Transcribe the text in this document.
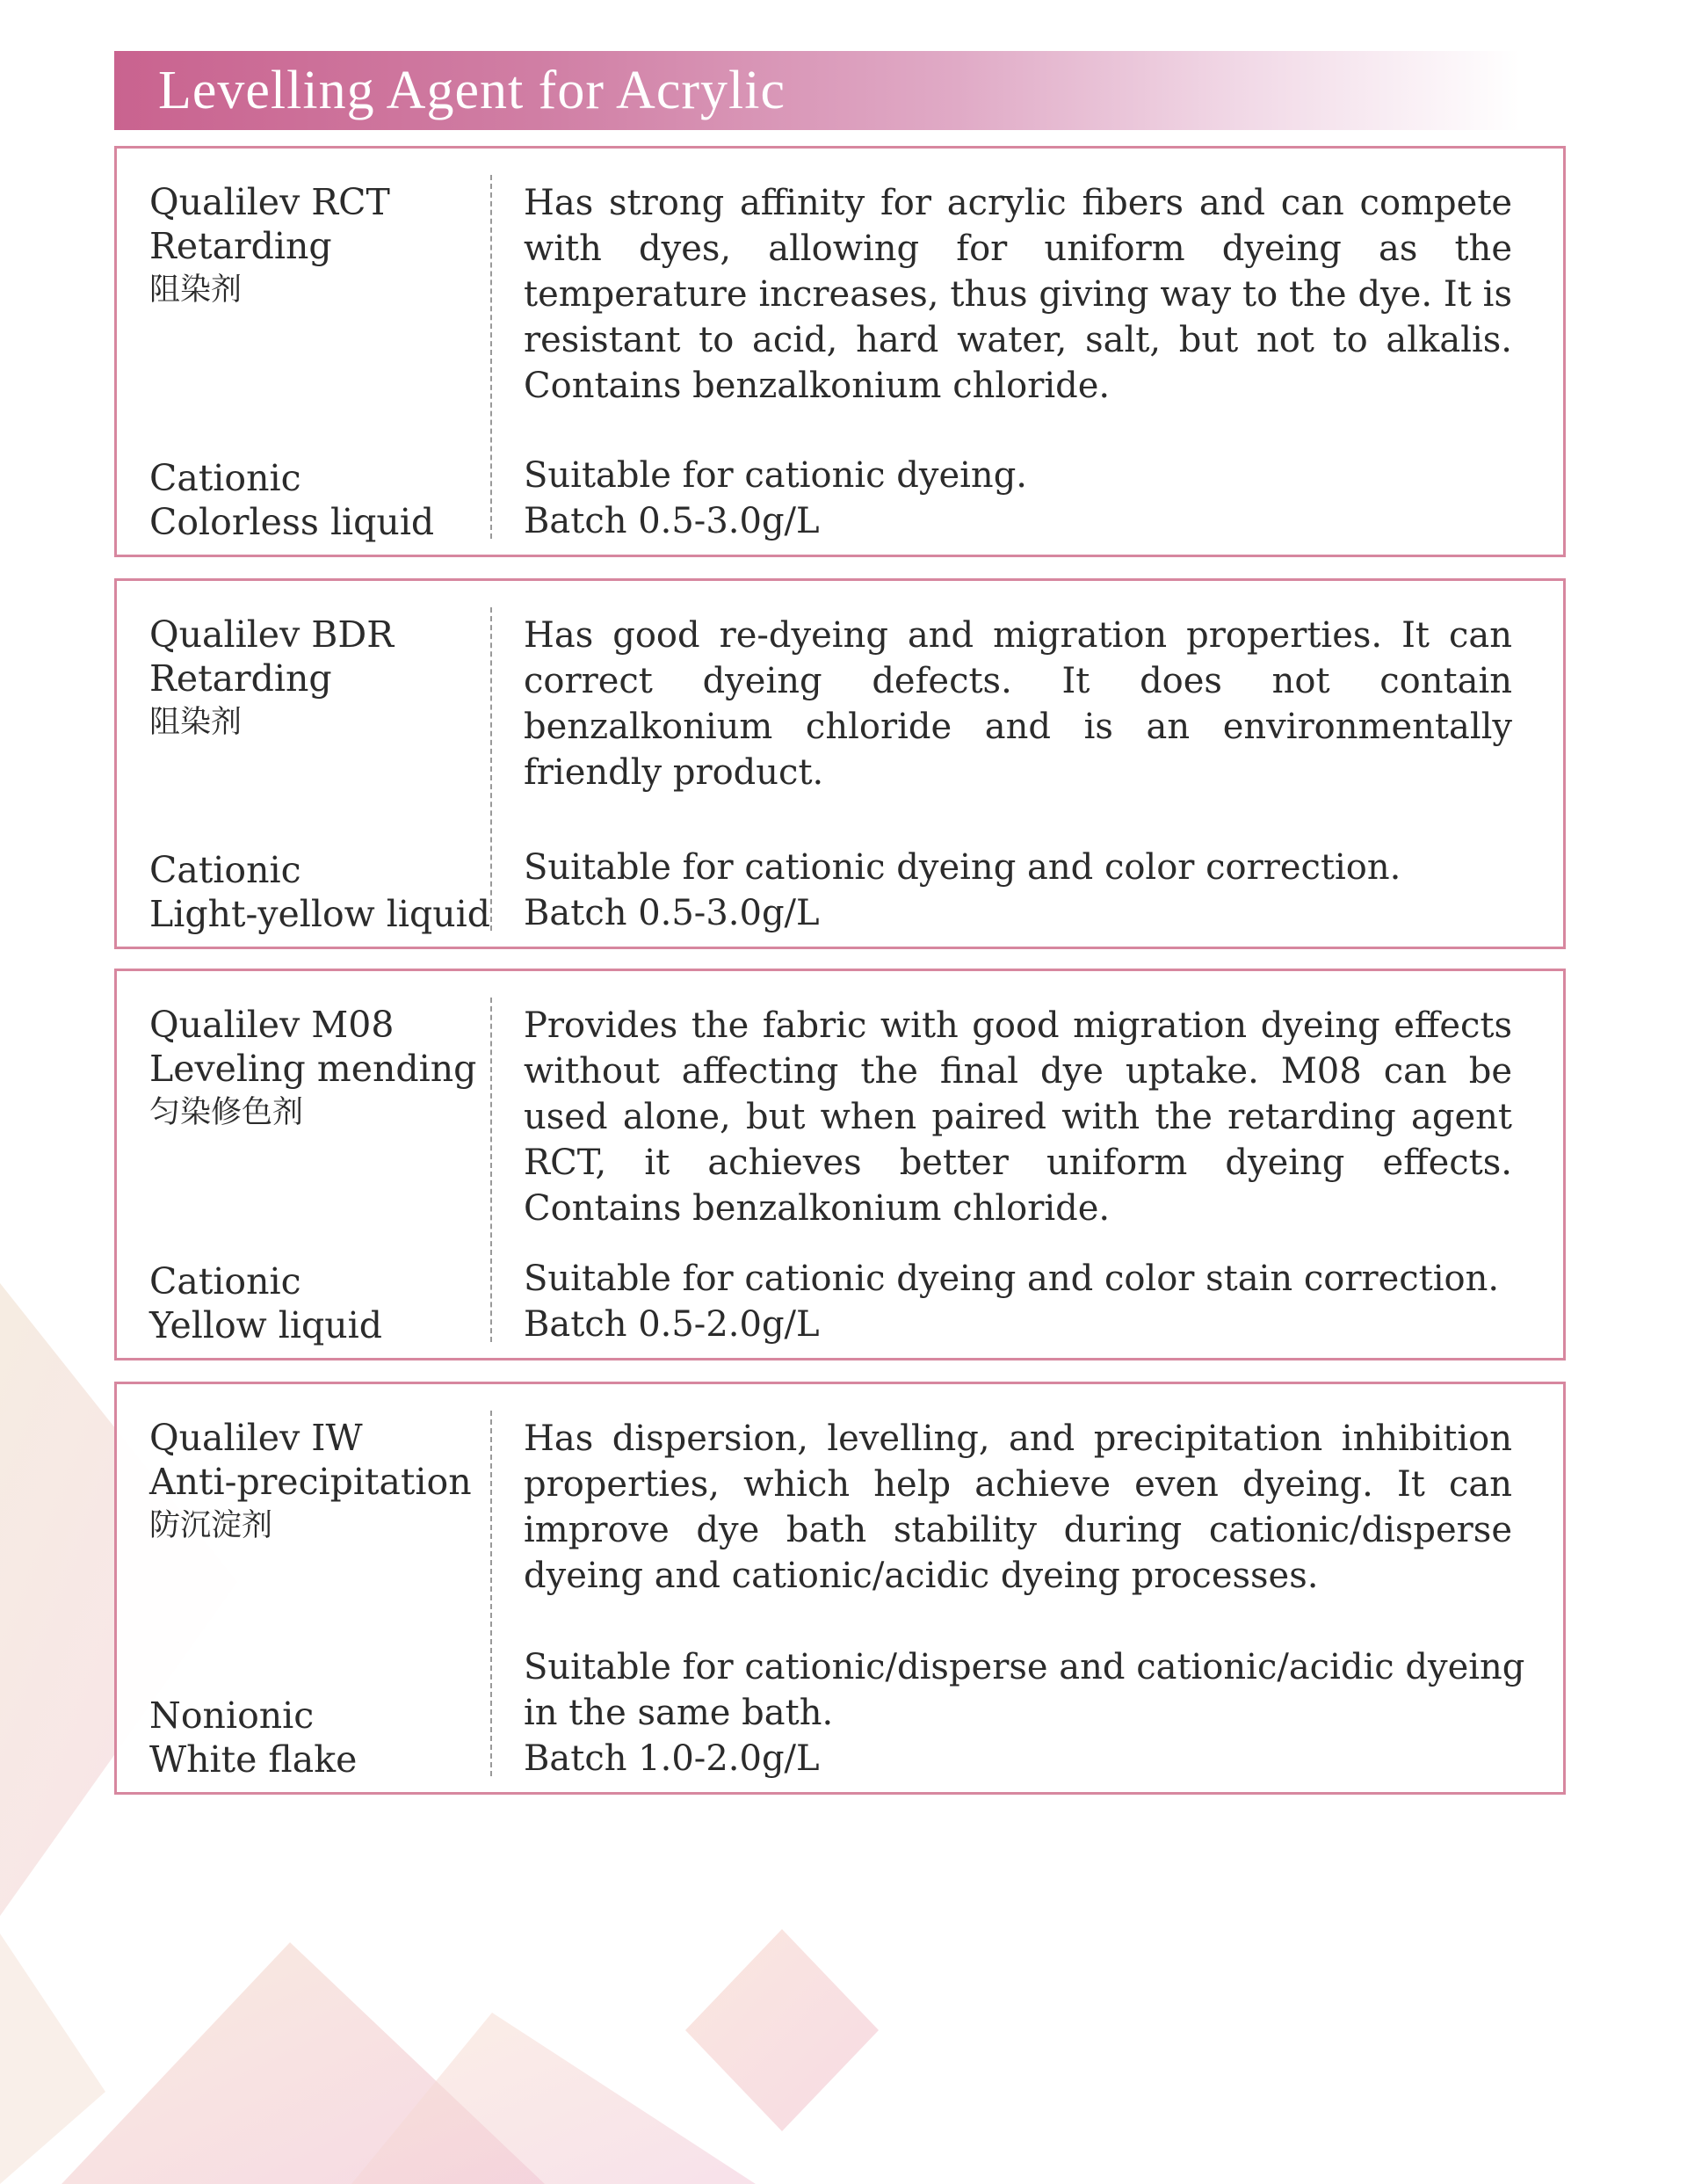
Levelling Agent for Acrylic
Qualilev RCT
Retarding
阻染剂
Cationic
Colorless liquid
Has strong affinity for acrylic fibers and can compete with dyes, allowing for uniform dyeing as the temperature increases, thus giving way to the dye. It is resistant to acid, hard water, salt, but not to alkalis. Contains benzalkonium chloride.
Suitable for cationic dyeing.
Batch 0.5-3.0g/L
Qualilev BDR
Retarding
阻染剂
Cationic
Light-yellow liquid
Has good re-dyeing and migration properties. It can correct dyeing defects. It does not contain benzalkonium chloride and is an environmentally friendly product.
Suitable for cationic dyeing and color correction.
Batch 0.5-3.0g/L
Qualilev M08
Leveling mending
匀染修色剂
Cationic
Yellow liquid
Provides the fabric with good migration dyeing effects without affecting the final dye uptake. M08 can be used alone, but when paired with the retarding agent RCT, it achieves better uniform dyeing effects. Contains benzalkonium chloride.
Suitable for cationic dyeing and color stain correction.
Batch 0.5-2.0g/L
Qualilev IW
Anti-precipitation
防沉淀剂
Nonionic
White flake
Has dispersion, levelling, and precipitation inhibition properties, which help achieve even dyeing. It can improve dye bath stability during cationic/disperse dyeing and cationic/acidic dyeing processes.
Suitable for cationic/disperse and cationic/acidic dyeing
in the same bath.
Batch 1.0-2.0g/L
